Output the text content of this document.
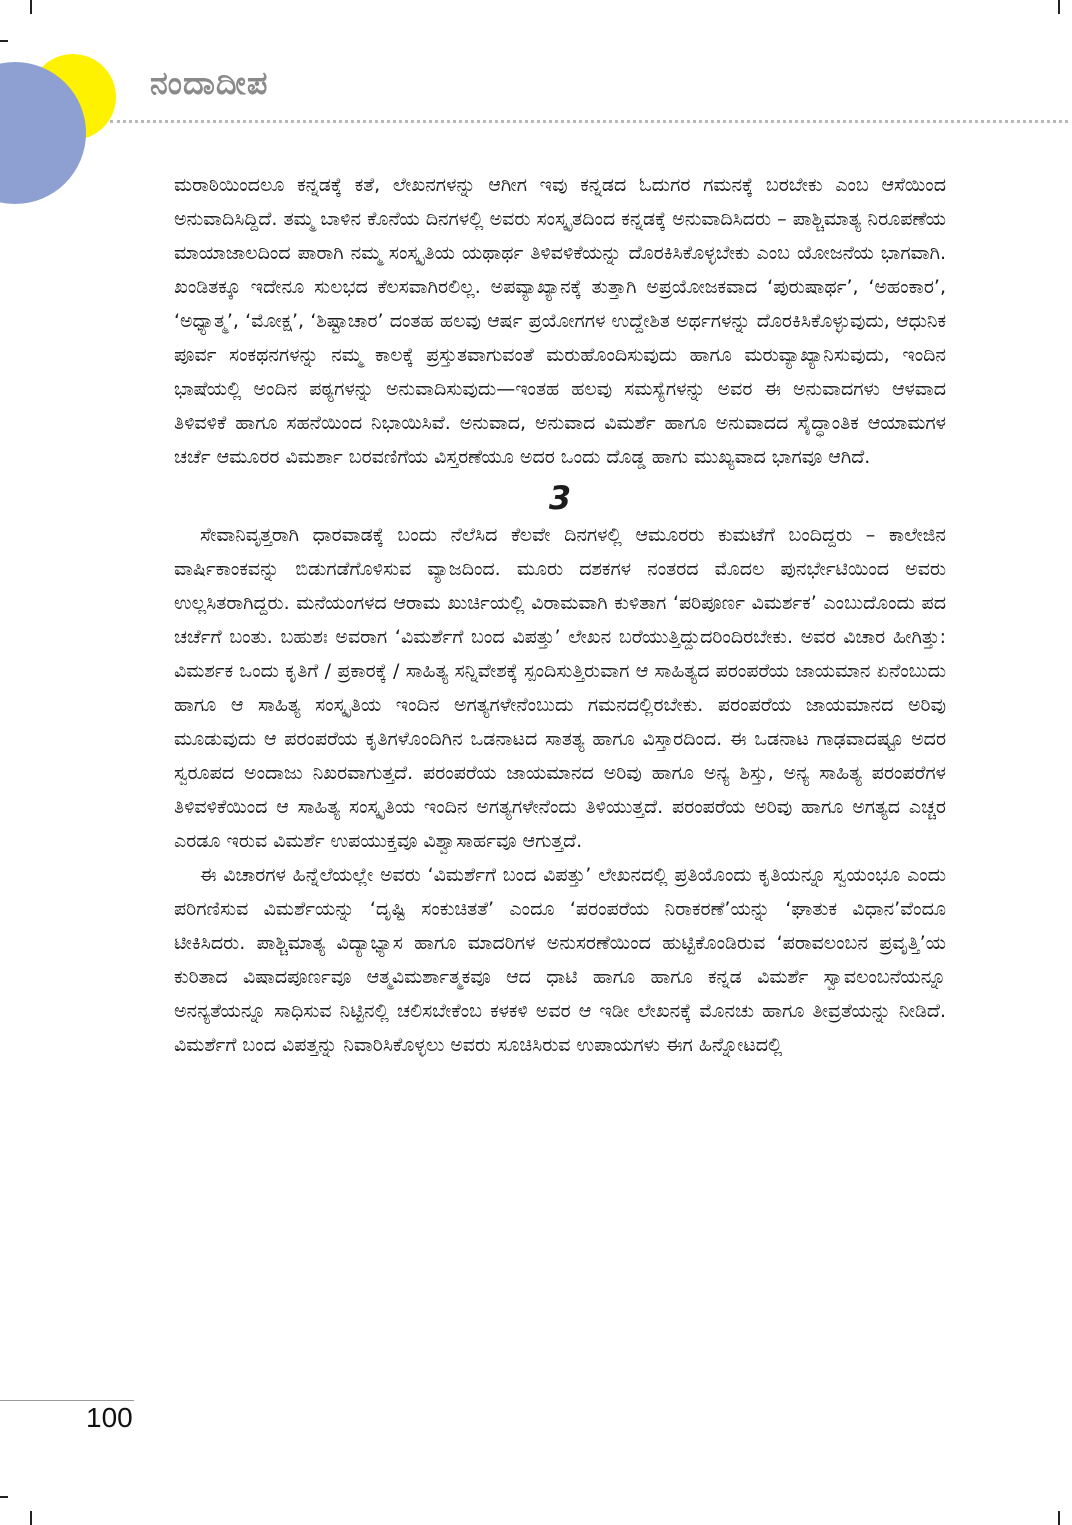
ನಂದಾದೀಪ

ಮರಾಠಿಯಿಂದಲೂ ಕನ್ನಡಕ್ಕೆ ಕತೆ, ಲೇಖನಗಳನ್ನು ಆಗೀಗ ಇವು ಕನ್ನಡದ ಓದುಗರ ಗಮನಕ್ಕೆ ಬರಬೇಕು ಎಂಬ ಆಸೆಯಿಂದ ಅನುವಾದಿಸಿದ್ದಿದೆ. ತಮ್ಮ ಬಾಳಿನ ಕೊನೆಯ ದಿನಗಳಲ್ಲಿ ಅವರು ಸಂಸ್ಕೃತದಿಂದ ಕನ್ನಡಕ್ಕೆ ಅನುವಾದಿಸಿದರು – ಪಾಶ್ಚಿಮಾತ್ಯ ನಿರೂಪಣೆಯ ಮಾಯಾಜಾಲದಿಂದ ಪಾರಾಗಿ ನಮ್ಮ ಸಂಸ್ಕೃತಿಯ ಯಥಾರ್ಥ ತಿಳಿವಳಿಕೆಯನ್ನು ದೊರಕಿಸಿಕೊಳ್ಳಬೇಕು ಎಂಬ ಯೋಜನೆಯ ಭಾಗವಾಗಿ. ಖಂಡಿತಕ್ಕೂ ಇದೇನೂ ಸುಲಭದ ಕೆಲಸವಾಗಿರಲಿಲ್ಲ. ಅಪವ್ಯಾಖ್ಯಾನಕ್ಕೆ ತುತ್ತಾಗಿ ಅಪ್ರಯೋಜಕವಾದ ‘ಪುರುಷಾರ್ಥ’, ‘ಅಹಂಕಾರ’, ‘ಅಧ್ಯಾತ್ಮ’, ‘ಮೋಕ್ಷ’, ‘ಶಿಷ್ಟಾಚಾರ’ ದಂತಹ ಹಲವು ಆರ್ಷ ಪ್ರಯೋಗಗಳ ಉದ್ದೇಶಿತ ಅರ್ಥಗಳನ್ನು ದೊರಕಿಸಿಕೊಳ್ಳುವುದು, ಆಧುನಿಕ ಪೂರ್ವ ಸಂಕಥನಗಳನ್ನು ನಮ್ಮ ಕಾಲಕ್ಕೆ ಪ್ರಸ್ತುತವಾಗುವಂತೆ ಮರುಹೊಂದಿಸುವುದು ಹಾಗೂ ಮರುವ್ಯಾಖ್ಯಾನಿಸುವುದು, ಇಂದಿನ ಭಾಷೆಯಲ್ಲಿ ಅಂದಿನ ಪಠ್ಯಗಳನ್ನು ಅನುವಾದಿಸುವುದು—ಇಂತಹ ಹಲವು ಸಮಸ್ಯೆಗಳನ್ನು ಅವರ ಈ ಅನುವಾದಗಳು ಆಳವಾದ ತಿಳಿವಳಿಕೆ ಹಾಗೂ ಸಹನೆಯಿಂದ ನಿಭಾಯಿಸಿವೆ. ಅನುವಾದ, ಅನುವಾದ ವಿಮರ್ಶೆ ಹಾಗೂ ಅನುವಾದದ ಸೈದ್ಧಾಂತಿಕ ಆಯಾಮಗಳ ಚರ್ಚೆ ಆಮೂರರ ವಿಮರ್ಶಾ ಬರವಣಿಗೆಯ ವಿಸ್ತರಣೆಯೂ ಅದರ ಒಂದು ದೊಡ್ಡ ಹಾಗು ಮುಖ್ಯವಾದ ಭಾಗವೂ ಆಗಿದೆ.

3

ಸೇವಾನಿವೃತ್ತರಾಗಿ ಧಾರವಾಡಕ್ಕೆ ಬಂದು ನೆಲೆಸಿದ ಕೆಲವೇ ದಿನಗಳಲ್ಲಿ ಆಮೂರರು ಕುಮಟೆಗೆ ಬಂದಿದ್ದರು – ಕಾಲೇಜಿನ ವಾರ್ಷಿಕಾಂಕವನ್ನು ಬಿಡುಗಡೆಗೊಳಿಸುವ ವ್ಯಾಜದಿಂದ. ಮೂರು ದಶಕಗಳ ನಂತರದ ಮೊದಲ ಪುನರ್ಭೇಟಿಯಿಂದ ಅವರು ಉಲ್ಲಸಿತರಾಗಿದ್ದರು. ಮನೆಯಂಗಳದ ಆರಾಮ ಖುರ್ಚಿಯಲ್ಲಿ ವಿರಾಮವಾಗಿ ಕುಳಿತಾಗ ‘ಪರಿಪೂರ್ಣ ವಿಮರ್ಶಕ’ ಎಂಬುದೊಂದು ಪದ ಚರ್ಚೆಗೆ ಬಂತು. ಬಹುಶಃ ಅವರಾಗ ‘ವಿಮರ್ಶೆಗೆ ಬಂದ ವಿಪತ್ತು’ ಲೇಖನ ಬರೆಯುತ್ತಿದ್ದುದರಿಂದಿರಬೇಕು. ಅವರ ವಿಚಾರ ಹೀಗಿತ್ತು: ವಿಮರ್ಶಕ ಒಂದು ಕೃತಿಗೆ / ಪ್ರಕಾರಕ್ಕೆ / ಸಾಹಿತ್ಯ ಸನ್ನಿವೇಶಕ್ಕೆ ಸ್ಪಂದಿಸುತ್ತಿರುವಾಗ ಆ ಸಾಹಿತ್ಯದ ಪರಂಪರೆಯ ಜಾಯಮಾನ ಏನೆಂಬುದು ಹಾಗೂ ಆ ಸಾಹಿತ್ಯ ಸಂಸ್ಕೃತಿಯ ಇಂದಿನ ಅಗತ್ಯಗಳೇನೆಂಬುದು ಗಮನದಲ್ಲಿರಬೇಕು. ಪರಂಪರೆಯ ಜಾಯಮಾನದ ಅರಿವು ಮೂಡುವುದು ಆ ಪರಂಪರೆಯ ಕೃತಿಗಳೊಂದಿಗಿನ ಒಡನಾಟದ ಸಾತತ್ಯ ಹಾಗೂ ವಿಸ್ತಾರದಿಂದ. ಈ ಒಡನಾಟ ಗಾಢವಾದಷ್ಟೂ ಅದರ ಸ್ವರೂಪದ ಅಂದಾಜು ನಿಖರವಾಗುತ್ತದೆ. ಪರಂಪರೆಯ ಜಾಯಮಾನದ ಅರಿವು ಹಾಗೂ ಅನ್ಯ ಶಿಸ್ತು, ಅನ್ಯ ಸಾಹಿತ್ಯ ಪರಂಪರೆಗಳ ತಿಳಿವಳಿಕೆಯಿಂದ ಆ ಸಾಹಿತ್ಯ ಸಂಸ್ಕೃತಿಯ ಇಂದಿನ ಅಗತ್ಯಗಳೇನೆಂದು ತಿಳಿಯುತ್ತದೆ. ಪರಂಪರೆಯ ಅರಿವು ಹಾಗೂ ಅಗತ್ಯದ ಎಚ್ಚರ ಎರಡೂ ಇರುವ ವಿಮರ್ಶೆ ಉಪಯುಕ್ತವೂ ವಿಶ್ವಾಸಾರ್ಹವೂ ಆಗುತ್ತದೆ.

ಈ ವಿಚಾರಗಳ ಹಿನ್ನೆಲೆಯಲ್ಲೇ ಅವರು ‘ವಿಮರ್ಶೆಗೆ ಬಂದ ವಿಪತ್ತು’ ಲೇಖನದಲ್ಲಿ ಪ್ರತಿಯೊಂದು ಕೃತಿಯನ್ನೂ ಸ್ವಯಂಭೂ ಎಂದು ಪರಿಗಣಿಸುವ ವಿಮರ್ಶೆಯನ್ನು ‘ದೃಷ್ಟಿ ಸಂಕುಚಿತತೆ’ ಎಂದೂ ‘ಪರಂಪರೆಯ ನಿರಾಕರಣೆ’ಯನ್ನು ‘ಘಾತುಕ ವಿಧಾನ’ವೆಂದೂ ಟೀಕಿಸಿದರು. ಪಾಶ್ಚಿಮಾತ್ಯ ವಿದ್ಯಾಭ್ಯಾಸ ಹಾಗೂ ಮಾದರಿಗಳ ಅನುಸರಣೆಯಿಂದ ಹುಟ್ಟಿಕೊಂಡಿರುವ ‘ಪರಾವಲಂಬನ ಪ್ರವೃತ್ತಿ’ಯ ಕುರಿತಾದ ವಿಷಾದಪೂರ್ಣವೂ ಆತ್ಮವಿಮರ್ಶಾತ್ಮಕವೂ ಆದ ಧಾಟಿ ಹಾಗೂ ಹಾಗೂ ಕನ್ನಡ ವಿಮರ್ಶೆ ಸ್ವಾವಲಂಬನೆಯನ್ನೂ ಅನನ್ಯತೆಯನ್ನೂ ಸಾಧಿಸುವ ನಿಟ್ಟಿನಲ್ಲಿ ಚಲಿಸಬೇಕೆಂಬ ಕಳಕಳಿ ಅವರ ಆ ಇಡೀ ಲೇಖನಕ್ಕೆ ಮೊನಚು ಹಾಗೂ ತೀವ್ರತೆಯನ್ನು ನೀಡಿದೆ. ವಿಮರ್ಶೆಗೆ ಬಂದ ವಿಪತ್ತನ್ನು ನಿವಾರಿಸಿಕೊಳ್ಳಲು ಅವರು ಸೂಚಿಸಿರುವ ಉಪಾಯಗಳು ಈಗ ಹಿನ್ನೋಟದಲ್ಲಿ

100
